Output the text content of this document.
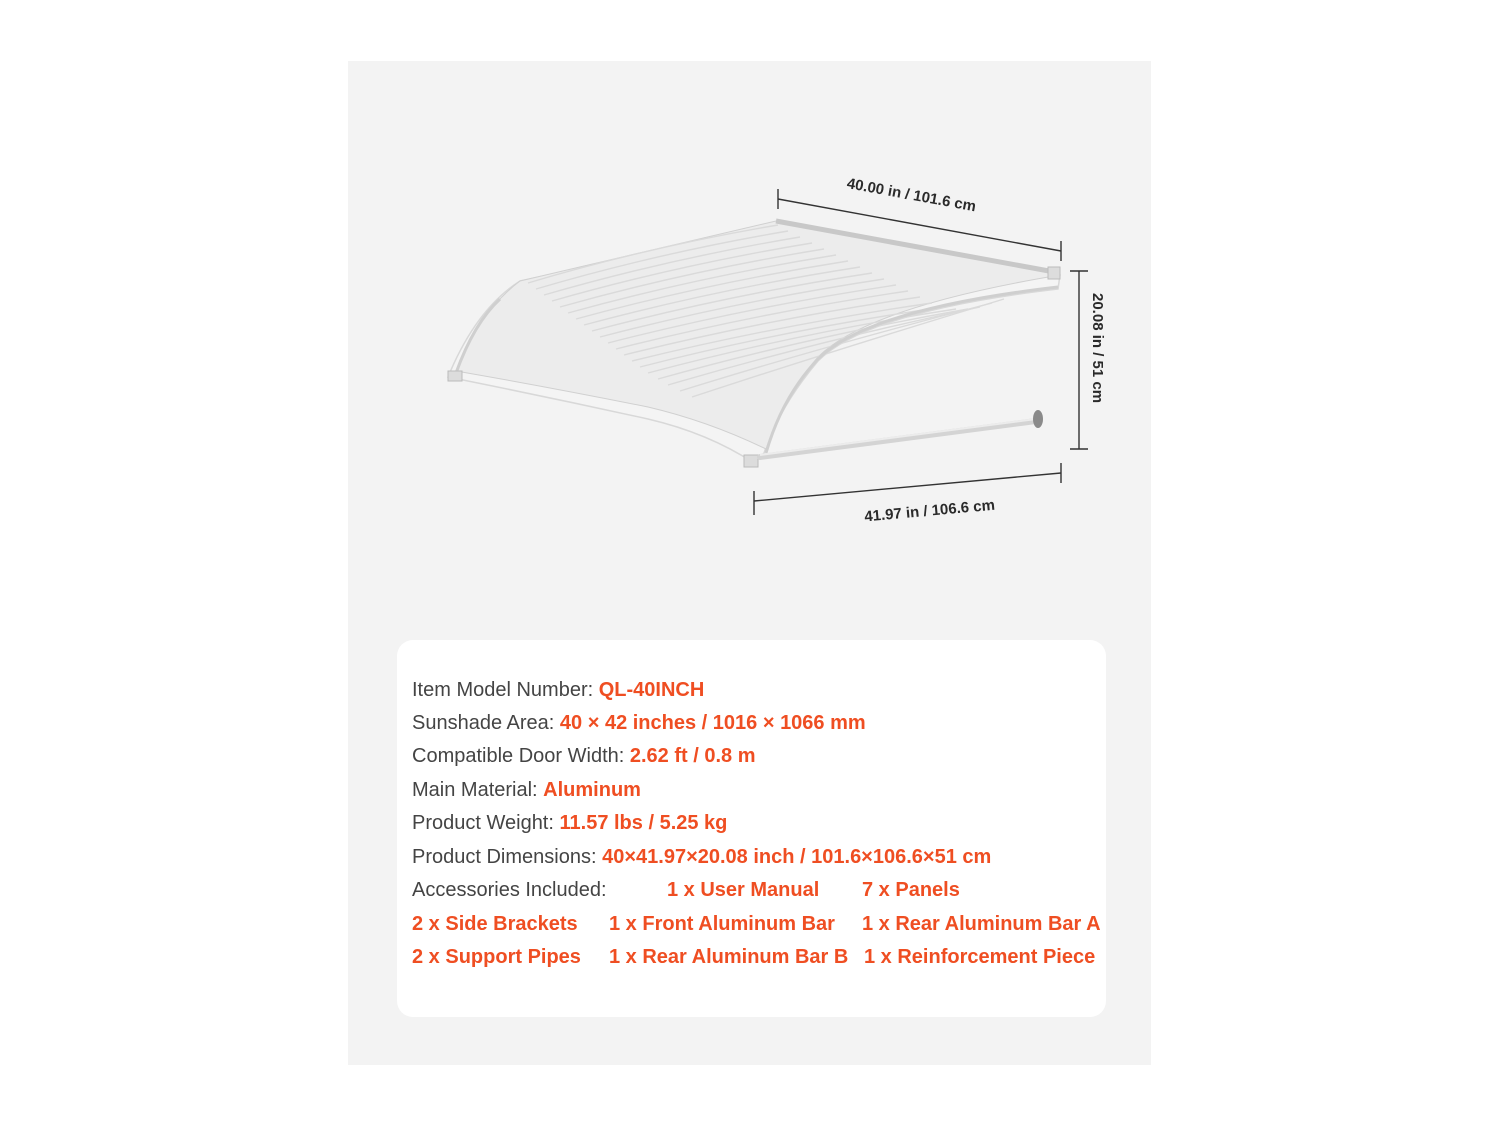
40.00 in / 101.6 cm
20.08 in / 51 cm
41.97 in / 106.6 cm
Item Model Number: QL-40INCH
Sunshade Area: 40 × 42 inches / 1016 × 1066 mm
Compatible Door Width: 2.62 ft / 0.8 m
Main Material: Aluminum
Product Weight: 11.57 lbs / 5.25 kg
Product Dimensions: 40×41.97×20.08 inch / 101.6×106.6×51 cm
Accessories Included:	1 x User Manual 7 x Panels
2 x Side Brackets 1 x Front Aluminum Bar 1 x Rear Aluminum Bar A
2 x Support Pipes 1 x Rear Aluminum Bar B 1 x Reinforcement Piece
